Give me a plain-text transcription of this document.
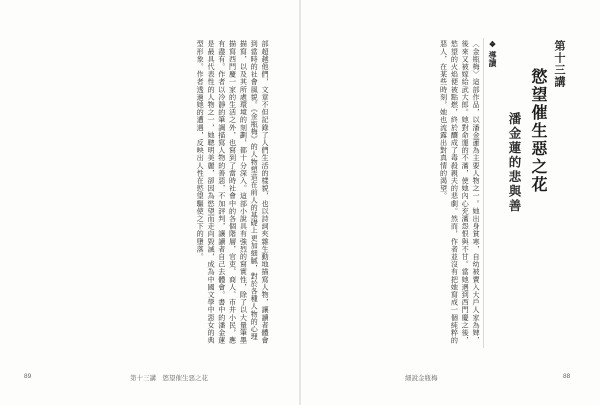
部超越他們，文章不但記錄了人們生活的樣貌，也以詩詞夾雜生動地描寫人物，讓讀者體會到當時的社會風貌。《金瓶梅》的人物塑造在前人的基礎上更加細膩，對於各種人物的心理描寫，以及其所處環境的刻劃，都十分深入。這部小說具有強烈的寫實性，除了以大量筆墨描寫西門慶一家的生活之外，也寫到了當時社會中的各個階層，官吏、商人、市井小民，應有盡有。作者以冷靜的筆調描寫人物的善惡，不加評判，讓讀者自己去體會。書中的潘金蓮是最具代表性的人物之一，她聰明美麗，卻因為慾望而走向毀滅，成為中國文學中惡女的典型形象。作者透過她的遭遇，反映出人性在慾望驅使之下的墮落。
89	第十三講　慾望催生惡之花
〈金瓶梅〉這部作品，以潘金蓮為主要人物之一。她出身貧寒，自幼被賣入大戶人家為婢，後來又被嫁給武大郎。她對命運的不滿，使她內心充滿怨恨與不甘。當她遇到西門慶之後，慾望的火焰便被點燃，終於釀成了毒殺親夫的悲劇。然而，作者並沒有把她寫成一個純粹的惡人，在某些時刻，她也流露出對真情的渴望。	❖導讀
潘金蓮的悲與善 慾望催生惡之花
第十三講
細說金瓶梅	88
